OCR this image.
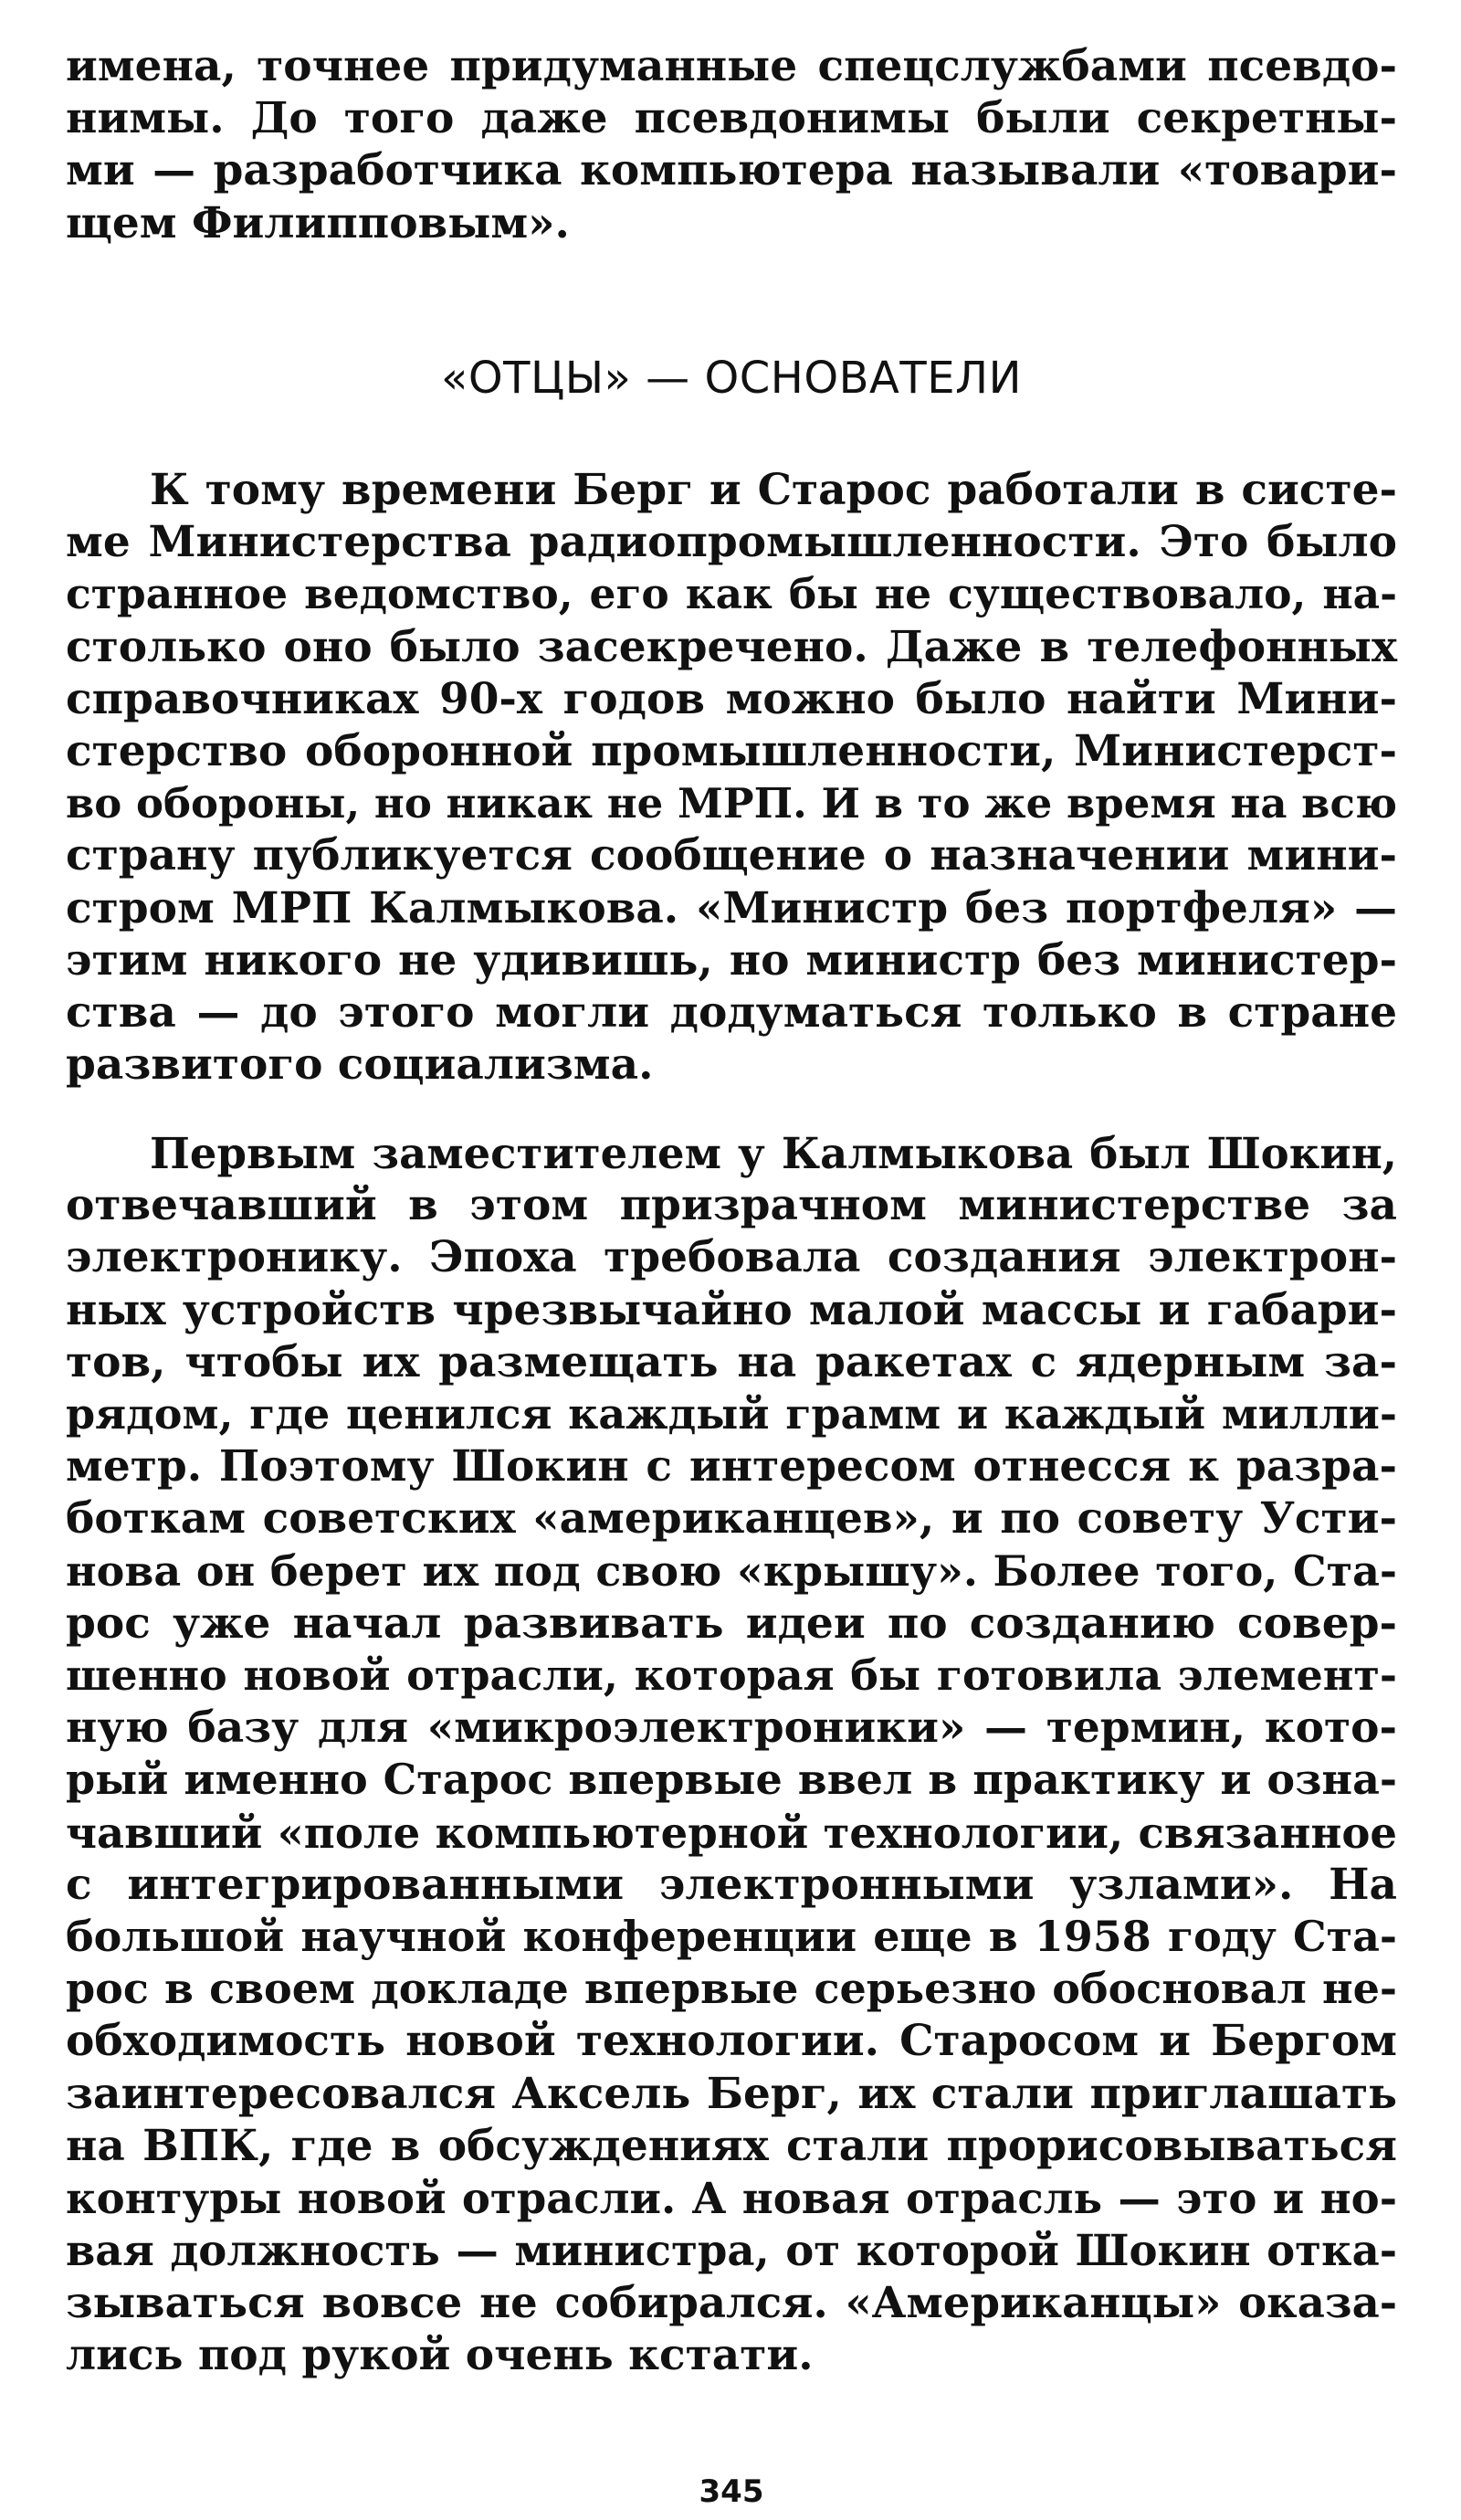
имена, точнее придуманные спецслужбами псевдо-
нимы. До того даже псевдонимы были секретны-
ми — разработчика компьютера называли «товари-
щем Филипповым».

«ОТЦЫ» — ОСНОВАТЕЛИ

К тому времени Берг и Старос работали в систе-
ме Министерства радиопромышленности. Это было
странное ведомство, его как бы не существовало, на-
столько оно было засекречено. Даже в телефонных
справочниках 90-х годов можно было найти Мини-
стерство оборонной промышленности, Министерст-
во обороны, но никак не МРП. И в то же время на всю
страну публикуется сообщение о назначении мини-
стром МРП Калмыкова. «Министр без портфеля» —
этим никого не удивишь, но министр без министер-
ства — до этого могли додуматься только в стране
развитого социализма.

Первым заместителем у Калмыкова был Шокин,
отвечавший в этом призрачном министерстве за
электронику. Эпоха требовала создания электрон-
ных устройств чрезвычайно малой массы и габари-
тов, чтобы их размещать на ракетах с ядерным за-
рядом, где ценился каждый грамм и каждый милли-
метр. Поэтому Шокин с интересом отнесся к разра-
боткам советских «американцев», и по совету Усти-
нова он берет их под свою «крышу». Более того, Ста-
рос уже начал развивать идеи по созданию совер-
шенно новой отрасли, которая бы готовила элемент-
ную базу для «микроэлектроники» — термин, кото-
рый именно Старос впервые ввел в практику и озна-
чавший «поле компьютерной технологии, связанное
с интегрированными электронными узлами». На
большой научной конференции еще в 1958 году Ста-
рос в своем докладе впервые серьезно обосновал не-
обходимость новой технологии. Старосом и Бергом
заинтересовался Аксель Берг, их стали приглашать
на ВПК, где в обсуждениях стали прорисовываться
контуры новой отрасли. А новая отрасль — это и но-
вая должность — министра, от которой Шокин отка-
зываться вовсе не собирался. «Американцы» оказа-
лись под рукой очень кстати.

345
